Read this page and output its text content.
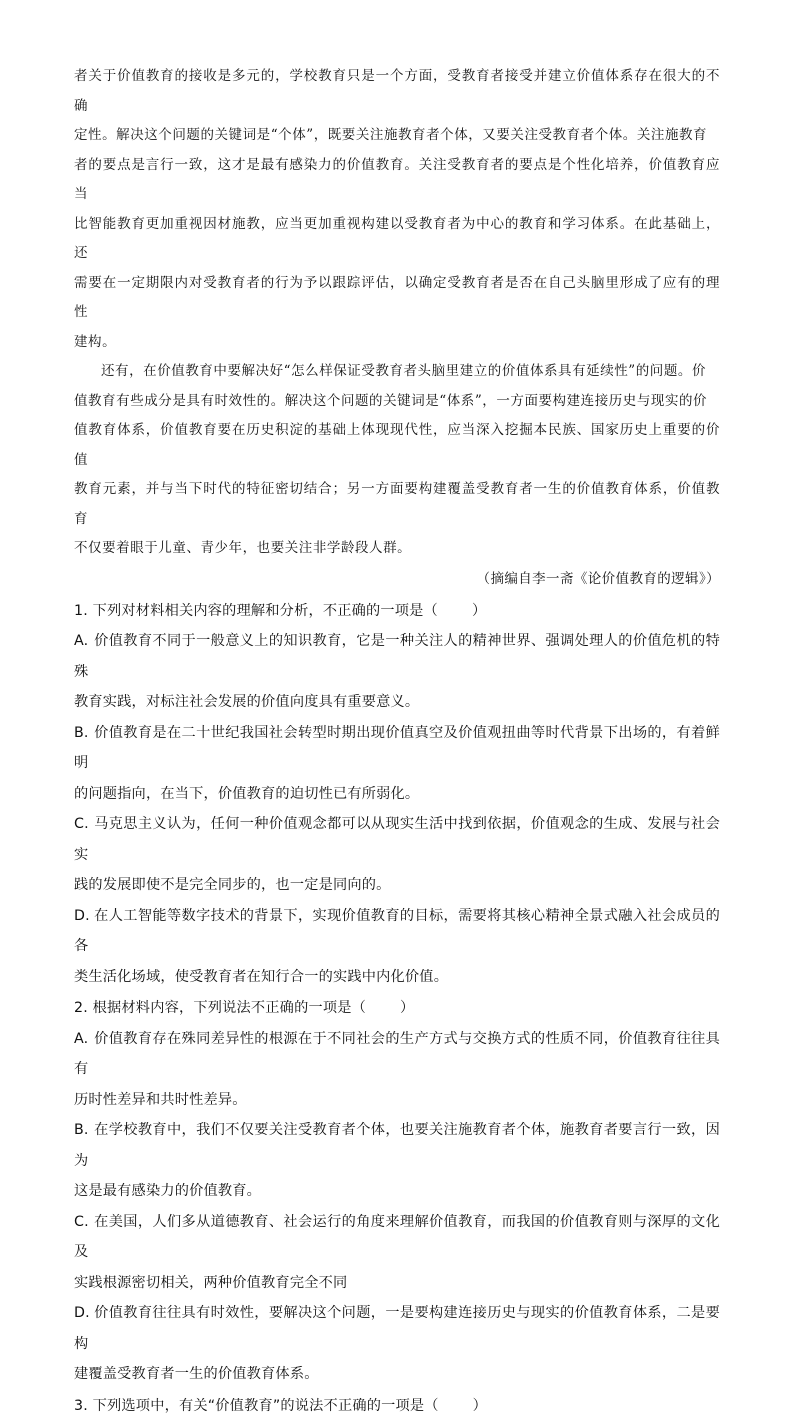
者关于价值教育的接收是多元的，学校教育只是一个方面，受教育者接受并建立价值体系存在很大的不确
定性。解决这个问题的关键词是“个体”，既要关注施教育者个体，又要关注受教育者个体。关注施教育
者的要点是言行一致，这才是最有感染力的价值教育。关注受教育者的要点是个性化培养，价值教育应当
比智能教育更加重视因材施教，应当更加重视构建以受教育者为中心的教育和学习体系。在此基础上，还
需要在一定期限内对受教育者的行为予以跟踪评估，以确定受教育者是否在自己头脑里形成了应有的理性
建构。

还有，在价值教育中要解决好“怎么样保证受教育者头脑里建立的价值体系具有延续性”的问题。价
值教育有些成分是具有时效性的。解决这个问题的关键词是“体系”，一方面要构建连接历史与现实的价
值教育体系，价值教育要在历史积淀的基础上体现现代性，应当深入挖掘本民族、国家历史上重要的价值
教育元素，并与当下时代的特征密切结合；另一方面要构建覆盖受教育者一生的价值教育体系，价值教育
不仅要着眼于儿童、青少年，也要关注非学龄段人群。

（摘编自李一斋《论价值教育的逻辑》）

1. 下列对材料相关内容的理解和分析，不正确的一项是（ ）

A. 价值教育不同于一般意义上的知识教育，它是一种关注人的精神世界、强调处理人的价值危机的特殊
教育实践，对标注社会发展的价值向度具有重要意义。

B. 价值教育是在二十世纪我国社会转型时期出现价值真空及价值观扭曲等时代背景下出场的，有着鲜明
的问题指向，在当下，价值教育的迫切性已有所弱化。

C. 马克思主义认为，任何一种价值观念都可以从现实生活中找到依据，价值观念的生成、发展与社会实
践的发展即使不是完全同步的，也一定是同向的。

D. 在人工智能等数字技术的背景下，实现价值教育的目标，需要将其核心精神全景式融入社会成员的各
类生活化场域，使受教育者在知行合一的实践中内化价值。

2. 根据材料内容，下列说法不正确的一项是（ ）

A. 价值教育存在殊同差异性的根源在于不同社会的生产方式与交换方式的性质不同，价值教育往往具有
历时性差异和共时性差异。

B. 在学校教育中，我们不仅要关注受教育者个体，也要关注施教育者个体，施教育者要言行一致，因为
这是最有感染力的价值教育。

C. 在美国，人们多从道德教育、社会运行的角度来理解价值教育，而我国的价值教育则与深厚的文化及
实践根源密切相关，两种价值教育完全不同

D. 价值教育往往具有时效性，要解决这个问题，一是要构建连接历史与现实的价值教育体系，二是要构
建覆盖受教育者一生的价值教育体系。

3. 下列选项中，有关“价值教育”的说法不正确的一项是（ ）
